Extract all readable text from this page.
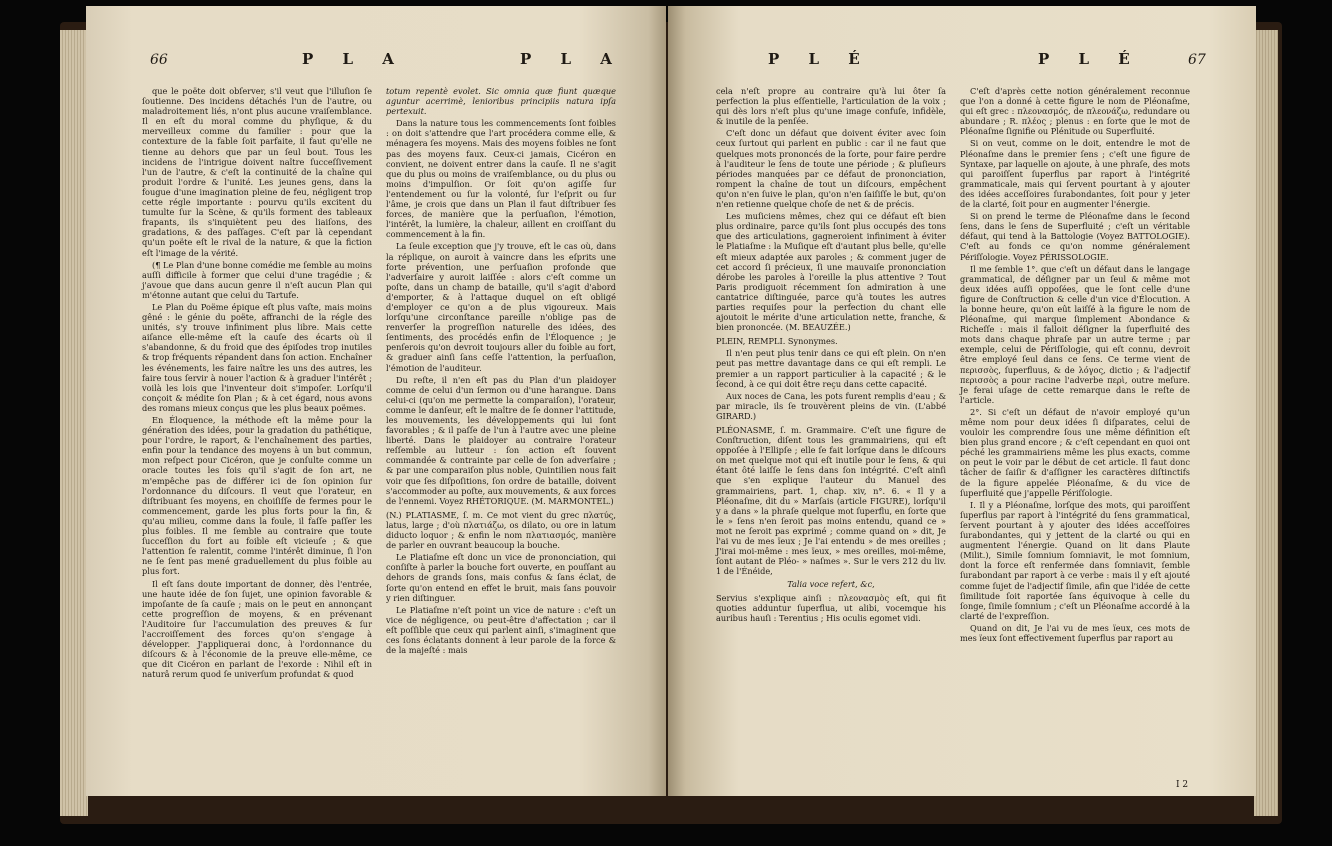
66	P L A	P L A

que le poëte doit obſerver, s'il veut que l'illuſion ſe ſoutienne. Des incidens détachés l'un de l'autre, ou maladroitement liés, n'ont plus aucune vraiſemblance. Il en eſt du moral comme du phyſique, & du merveilleux comme du familier : pour que la contexture de la fable ſoit parfaite, il faut qu'elle ne tienne au dehors que par un ſeul bout. Tous les incidens de l'intrigue doivent naître ſucceſſivement l'un de l'autre, & c'eſt la continuité de la chaîne qui produit l'ordre & l'unité. Les jeunes gens, dans la fougue d'une imagination pleine de feu, négligent trop cette régle importante : pourvu qu'ils excitent du tumulte ſur la Scène, & qu'ils forment des tableaux frapants, ils s'inquiètent peu des liaiſons, des gradations, & des paſſages. C'eſt par là cependant qu'un poëte eſt le rival de la nature, & que la fiction eſt l'image de la vérité.

(¶ Le Plan d'une bonne comédie me ſemble au moins auſſi difficile à former que celui d'une tragédie ; & j'avoue que dans aucun genre il n'eſt aucun Plan qui m'étonne autant que celui du Tartufe.

Le Plan du Poëme épique eſt plus vaſte, mais moins gêné : le génie du poëte, affranchi de la régle des unités, s'y trouve infiniment plus libre. Mais cette aiſance elle-même eſt la cauſe des écarts où il s'abandonne, & du froid que des épiſodes trop inutiles & trop fréquents répandent dans ſon action. Enchaîner les événements, les faire naître les uns des autres, les faire tous ſervir à nouer l'action & à graduer l'intérêt ; voilà les lois que l'inventeur doit s'impoſer. Lorſqu'il conçoit & médite ſon Plan ; & à cet égard, nous avons des romans mieux conçus que les plus beaux poëmes.

En Éloquence, la méthode eſt la même pour la génération des idées, pour la gradation du pathétique, pour l'ordre, le raport, & l'enchaînement des parties, enfin pour la tendance des moyens à un but commun, mon reſpect pour Cicéron, que je conſulte comme un oracle toutes les fois qu'il s'agit de ſon art, ne m'empêche pas de différer ici de ſon opinion ſur l'ordonnance du diſcours. Il veut que l'orateur, en diſtribuant ſes moyens, en choiſiſſe de fermes pour le commencement, garde les plus forts pour la fin, & qu'au milieu, comme dans la foule, il faſſe paſſer les plus foibles. Il me ſemble au contraire que toute ſucceſſion du fort au foible eſt vicieuſe ; & que l'attention ſe ralentit, comme l'intérêt diminue, ſi l'on ne ſe ſent pas mené graduellement du plus foible au plus fort.

Il eſt ſans doute important de donner, dès l'entrée, une haute idée de ſon ſujet, une opinion favorable & impoſante de ſa cauſe ; mais on le peut en annonçant cette progreſſion de moyens, & en prévenant l'Auditoire ſur l'accumulation des preuves & ſur l'accroiſſement des forces qu'on s'engage à développer. J'appliquerai donc, à l'ordonnance du diſcours & à l'économie de la preuve elle-même, ce que dit Cicéron en parlant de l'exorde : Nihil eſt in naturâ rerum quod ſe univerſum profundat & quod

totum repentè evolet. Sic omnia quæ fiunt quæque aguntur acerrimè, lenioribus principiis natura ipſa pertexuit.

Dans la nature tous les commencements ſont foibles : on doit s'attendre que l'art procédera comme elle, & ménagera ſes moyens. Mais des moyens foibles ne ſont pas des moyens faux. Ceux-ci jamais, Cicéron en convient, ne doivent entrer dans la cauſe. Il ne s'agit que du plus ou moins de vraiſemblance, ou du plus ou moins d'impulſion. Or ſoit qu'on agiſſe ſur l'entendement ou ſur la volonté, ſur l'eſprit ou ſur l'âme, je crois que dans un Plan il faut diſtribuer ſes forces, de manière que la perſuaſion, l'émotion, l'intérêt, la lumière, la chaleur, aillent en croiſſant du commencement à la fin.

La ſeule exception que j'y trouve, eſt le cas où, dans la réplique, on auroit à vaincre dans les eſprits une forte prévention, une perſuaſion profonde que l'adverſaire y auroit laiſſée : alors c'eſt comme un poſte, dans un champ de bataille, qu'il s'agit d'abord d'emporter, & à l'attaque duquel on eſt obligé d'employer ce qu'on a de plus vigoureux. Mais lorſqu'une circonſtance pareille n'oblige pas de renverſer la progreſſion naturelle des idées, des ſentiments, des procédés enfin de l'Éloquence ; je penſerois qu'on devroit toujours aller du foible au fort, & graduer ainſi ſans ceſſe l'attention, la perſuaſion, l'émotion de l'auditeur.

Du reſte, il n'en eſt pas du Plan d'un plaidoyer comme de celui d'un ſermon ou d'une harangue. Dans celui-ci (qu'on me permette la comparaiſon), l'orateur, comme le danſeur, eſt le maître de ſe donner l'attitude, les mouvements, les développements qui lui ſont favorables ; & il paſſe de l'un à l'autre avec une pleine liberté. Dans le plaidoyer au contraire l'orateur reſſemble au lutteur : ſon action eſt ſouvent commandée & contrainte par celle de ſon adverſaire ; & par une comparaiſon plus noble, Quintilien nous fait voir que ſes diſpoſitions, ſon ordre de bataille, doivent s'accommoder au poſte, aux mouvements, & aux forces de l'ennemi. Voyez RHÉTORIQUE. (M. MARMONTEL.)

(N.) PLATIASME, ſ. m. Ce mot vient du grec πλατύς, latus, large ; d'où πλατιάζω, os dilato, ou ore in latum diducto loquor ; & enfin le nom πλατιασμός, manière de parler en ouvrant beaucoup la bouche.

Le Platiaſme eſt donc un vice de prononciation, qui conſiſte à parler la bouche fort ouverte, en pouſſant au dehors de grands ſons, mais confus & ſans éclat, de ſorte qu'on entend en effet le bruit, mais ſans pouvoir y rien diſtinguer.

Le Platiaſme n'eſt point un vice de nature : c'eſt un vice de négligence, ou peut-être d'affectation ; car il eſt poſſible que ceux qui parlent ainſi, s'imaginent que ces ſons éclatants donnent à leur parole de la force & de la majeſté : mais

P L É	P L É	67

cela n'eſt propre au contraire qu'à lui ôter ſa perfection la plus eſſentielle, l'articulation de la voix ; qui dès lors n'eſt plus qu'une image confuſe, infidèle, & inutile de la penſée.

C'eſt donc un défaut que doivent éviter avec ſoin ceux ſurtout qui parlent en public : car il ne faut que quelques mots prononcés de la ſorte, pour faire perdre à l'auditeur le ſens de toute une période ; & pluſieurs périodes manquées par ce défaut de prononciation, rompent la chaîne de tout un diſcours, empêchent qu'on n'en ſuive le plan, qu'on n'en ſaiſiſſe le but, qu'on n'en retienne quelque choſe de net & de précis.

Les muſiciens mêmes, chez qui ce défaut eſt bien plus ordinaire, parce qu'ils ſont plus occupés des tons que des articulations, gagneroient infiniment à éviter le Platiaſme : la Muſique eſt d'autant plus belle, qu'elle eſt mieux adaptée aux paroles ; & comment juger de cet accord ſi précieux, ſi une mauvaiſe prononciation dérobe les paroles à l'oreille la plus attentive ? Tout Paris prodiguoit récemment ſon admiration à une cantatrice diſtinguée, parce qu'à toutes les autres parties requiſes pour la perfection du chant elle ajoutoit le mérite d'une articulation nette, franche, & bien prononcée. (M. BEAUZÉE.)

PLEIN, REMPLI. Synonymes.

Il n'en peut plus tenir dans ce qui eſt plein. On n'en peut pas mettre davantage dans ce qui eſt rempli. Le premier a un rapport particulier à la capacité ; & le ſecond, à ce qui doit être reçu dans cette capacité.

Aux noces de Cana, les pots furent remplis d'eau ; & par miracle, ils ſe trouvèrent pleins de vin. (L'abbé GIRARD.)

PLÉONASME, ſ. m. Grammaire. C'eſt une figure de Conſtruction, diſent tous les grammairiens, qui eſt oppoſée à l'Ellipſe ; elle ſe fait lorſque dans le diſcours on met quelque mot qui eſt inutile pour le ſens, & qui étant ôté laiſſe le ſens dans ſon intégrité. C'eſt ainſi que s'en explique l'auteur du Manuel des grammairiens, part. 1, chap. xiv, n°. 6. « Il y a Pléonaſme, dit du » Marſais (article FIGURE), lorſqu'il y a dans » la phraſe quelque mot ſuperflu, en ſorte que le » ſens n'en ſeroit pas moins entendu, quand ce » mot ne ſeroit pas exprimé ; comme quand on » dit, Je l'ai vu de mes ïeux ; Je l'ai entendu » de mes oreilles ; J'irai moi-même : mes ïeux, » mes oreilles, moi-même, ſont autant de Pléo- » naſmes ». Sur le vers 212 du liv. 1 de l'Énéide,

Talia voce refert, &c,

Servius s'explique ainſi : πλεονασμὸς eſt, qui fit quoties adduntur ſuperflua, ut alibi, vocemque his auribus hauſi : Terentius ; His oculis egomet vidi.

C'eſt d'après cette notion généralement reconnue que l'on a donné à cette figure le nom de Pléonaſme, qui eſt grec : πλεονασμός, de πλεονάζω, redundare ou abundare ; R. πλέος ; plenus : en ſorte que le mot de Pléonaſme ſignifie ou Plénitude ou Superfluité.

Si on veut, comme on le doit, entendre le mot de Pléonaſme dans le premier ſens ; c'eſt une figure de Syntaxe, par laquelle on ajoute, à une phraſe, des mots qui paroiſſent ſuperflus par raport à l'intégrité grammaticale, mais qui ſervent pourtant à y ajouter des idées acceſſoires ſurabondantes, ſoit pour y jeter de la clarté, ſoit pour en augmenter l'énergie.

Si on prend le terme de Pléonaſme dans le ſecond ſens, dans le ſens de Superfluité ; c'eſt un véritable défaut, qui tend à la Battologie (Voyez BATTOLOGIE). C'eſt au fonds ce qu'on nomme généralement Périſſologie. Voyez PÉRISSOLOGIE.

Il me ſemble 1°. que c'eſt un défaut dans le langage grammatical, de déſigner par un ſeul & même mot deux idées auſſi oppoſées, que le ſont celle d'une figure de Conſtruction & celle d'un vice d'Élocution. A la bonne heure, qu'on eût laiſſé à la figure le nom de Pléonaſme, qui marque ſimplement Abondance & Richeſſe : mais il falloit déſigner la ſuperfluité des mots dans chaque phraſe par un autre terme ; par exemple, celui de Périſſologie, qui eſt connu, devroit être employé ſeul dans ce ſens. Ce terme vient de περισσὸς, ſuperfluus, & de λόγος, dictio ; & l'adjectif περισσὸς a pour racine l'adverbe περὶ, outre meſure. Je ferai uſage de cette remarque dans le reſte de l'article.

2°. Si c'eſt un défaut de n'avoir employé qu'un même nom pour deux idées ſi diſparates, celui de vouloir les comprendre ſous une même définition eſt bien plus grand encore ; & c'eſt cependant en quoi ont péché les grammairiens même les plus exacts, comme on peut le voir par le début de cet article. Il faut donc tâcher de ſaiſir & d'aſſigner les caractères diſtinctifs de la figure appelée Pléonaſme, & du vice de ſuperfluité que j'appelle Périſſologie.

I. Il y a Pléonaſme, lorſque des mots, qui paroiſſent ſuperflus par raport à l'intégrité du ſens grammatical, ſervent pourtant à y ajouter des idées acceſſoires ſurabondantes, qui y jettent de la clarté ou qui en augmentent l'énergie. Quand on lit dans Plaute (Milit.), Simile ſomnium ſomniavit, le mot ſomnium, dont la force eſt renfermée dans ſomniavit, ſemble ſurabondant par raport à ce verbe : mais il y eſt ajouté comme ſujet de l'adjectif ſimile, afin que l'idée de cette ſimilitude ſoit raportée ſans équivoque à celle du ſonge, ſimile ſomnium ; c'eſt un Pléonaſme accordé à la clarté de l'expreſſion.

Quand on dit, Je l'ai vu de mes ïeux, ces mots de mes ïeux ſont effectivement ſuperflus par raport au

I 2
